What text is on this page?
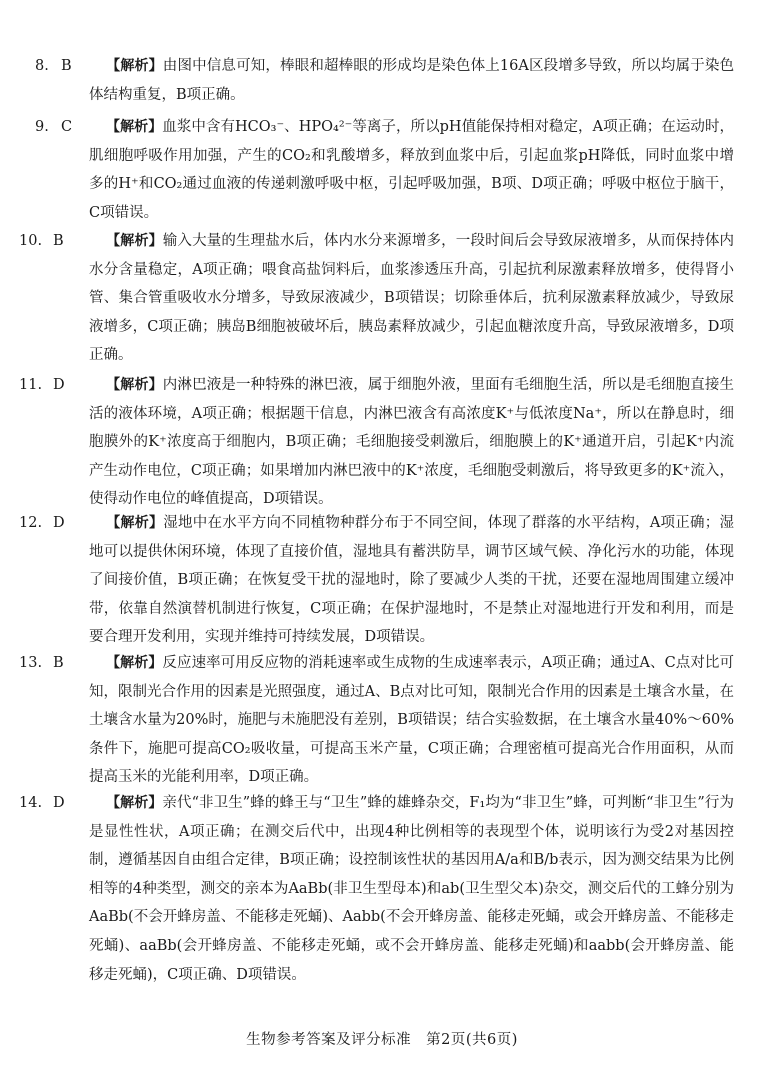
8. B 【解析】由图中信息可知，棒眼和超棒眼的形成均是染色体上16A区段增多导致，所以均属于染色体结构重复，B项正确。
9. C 【解析】血浆中含有HCO₃⁻、HPO₄²⁻等离子，所以pH值能保持相对稳定，A项正确；在运动时，肌细胞呼吸作用加强，产生的CO₂和乳酸增多，释放到血浆中后，引起血浆pH降低，同时血浆中增多的H⁺和CO₂通过血液的传递刺激呼吸中枢，引起呼吸加强，B项、D项正确；呼吸中枢位于脑干，C项错误。
10. B	【解析】输入大量的生理盐水后，体内水分来源增多，一段时间后会导致尿液增多，从而保持体内水分含量稳定，A项正确；喂食高盐饲料后，血浆渗透压升高，引起抗利尿激素释放增多，使得肾小管、集合管重吸收水分增多，导致尿液减少，B项错误；切除垂体后，抗利尿激素释放减少，导致尿液增多，C项正确；胰岛B细胞被破坏后，胰岛素释放减少，引起血糖浓度升高，导致尿液增多，D项正确。
11. D	【解析】内淋巴液是一种特殊的淋巴液，属于细胞外液，里面有毛细胞生活，所以是毛细胞直接生活的液体环境，A项正确；根据题干信息，内淋巴液含有高浓度K⁺与低浓度Na⁺，所以在静息时，细胞膜外的K⁺浓度高于细胞内，B项正确；毛细胞接受刺激后，细胞膜上的K⁺通道开启，引起K⁺内流产生动作电位，C项正确；如果增加内淋巴液中的K⁺浓度，毛细胞受刺激后，将导致更多的K⁺流入，使得动作电位的峰值提高，D项错误。
12. D	【解析】湿地中在水平方向不同植物种群分布于不同空间，体现了群落的水平结构，A项正确；湿地可以提供休闲环境，体现了直接价值，湿地具有蓄洪防旱，调节区域气候、净化污水的功能，体现了间接价值，B项正确；在恢复受干扰的湿地时，除了要减少人类的干扰，还要在湿地周围建立缓冲带，依靠自然演替机制进行恢复，C项正确；在保护湿地时，不是禁止对湿地进行开发和利用，而是要合理开发利用，实现并维持可持续发展，D项错误。
13. B	【解析】反应速率可用反应物的消耗速率或生成物的生成速率表示，A项正确；通过A、C点对比可知，限制光合作用的因素是光照强度，通过A、B点对比可知，限制光合作用的因素是土壤含水量，在土壤含水量为20%时，施肥与未施肥没有差别，B项错误；结合实验数据，在土壤含水量40%～60%条件下，施肥可提高CO₂吸收量，可提高玉米产量，C项正确；合理密植可提高光合作用面积，从而提高玉米的光能利用率，D项正确。
14. D	【解析】亲代“非卫生”蜂的蜂王与“卫生”蜂的雄蜂杂交，F₁均为“非卫生”蜂，可判断“非卫生”行为是显性性状，A项正确；在测交后代中，出现4种比例相等的表现型个体，说明该行为受2对基因控制，遵循基因自由组合定律，B项正确；设控制该性状的基因用A/a和B/b表示，因为测交结果为比例相等的4种类型，测交的亲本为AaBb(非卫生型母本)和ab(卫生型父本)杂交，测交后代的工蜂分别为AaBb(不会开蜂房盖、不能移走死蛹)、Aabb(不会开蜂房盖、能移走死蛹，或会开蜂房盖、不能移走死蛹)、aaBb(会开蜂房盖、不能移走死蛹，或不会开蜂房盖、能移走死蛹)和aabb(会开蜂房盖、能移走死蛹)，C项正确、D项错误。
生物参考答案及评分标准　第2页(共6页)
